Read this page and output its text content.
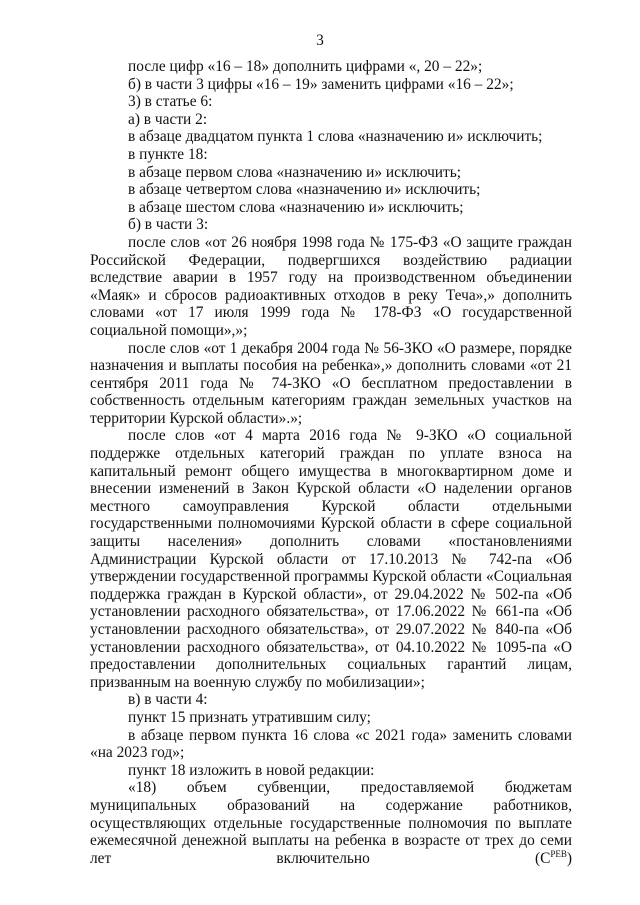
3
после цифр «16 – 18» дополнить цифрами «, 20 – 22»;
б) в части 3 цифры «16 – 19» заменить цифрами «16 – 22»;
3) в статье 6:
а) в части 2:
в абзаце двадцатом пункта 1 слова «назначению и» исключить;
в пункте 18:
в абзаце первом слова «назначению и» исключить;
в абзаце четвертом слова «назначению и» исключить;
в абзаце шестом слова «назначению и» исключить;
б) в части 3:
после слов «от 26 ноября 1998 года № 175-ФЗ «О защите граждан Российской Федерации, подвергшихся воздействию радиации вследствие аварии в 1957 году на производственном объединении «Маяк» и сбросов радиоактивных отходов в реку Теча»,» дополнить словами «от 17 июля 1999 года № 178-ФЗ «О государственной социальной помощи»,»;
после слов «от 1 декабря 2004 года № 56-ЗКО «О размере, порядке назначения и выплаты пособия на ребенка»,» дополнить словами «от 21 сентября 2011 года № 74-ЗКО «О бесплатном предоставлении в собственность отдельным категориям граждан земельных участков на территории Курской области».»;
после слов «от 4 марта 2016 года № 9-ЗКО «О социальной поддержке отдельных категорий граждан по уплате взноса на капитальный ремонт общего имущества в многоквартирном доме и внесении изменений в Закон Курской области «О наделении органов местного самоуправления Курской области отдельными государственными полномочиями Курской области в сфере социальной защиты населения» дополнить словами «постановлениями Администрации Курской области от 17.10.2013 № 742-па «Об утверждении государственной программы Курской области «Социальная поддержка граждан в Курской области», от 29.04.2022 № 502-па «Об установлении расходного обязательства», от 17.06.2022 № 661-па «Об установлении расходного обязательства», от 29.07.2022 № 840-па «Об установлении расходного обязательства», от 04.10.2022 № 1095-па «О предоставлении дополнительных социальных гарантий лицам, призванным на военную службу по мобилизации»;
в) в части 4:
пункт 15 признать утратившим силу;
в абзаце первом пункта 16 слова «с 2021 года» заменить словами «на 2023 год»;
пункт 18 изложить в новой редакции:
«18) объем субвенции, предоставляемой бюджетам муниципальных образований на содержание работников, осуществляющих отдельные государственные полномочия по выплате ежемесячной денежной выплаты на ребенка в возрасте от трех до семи лет включительно $(С^{РЕВ})$
